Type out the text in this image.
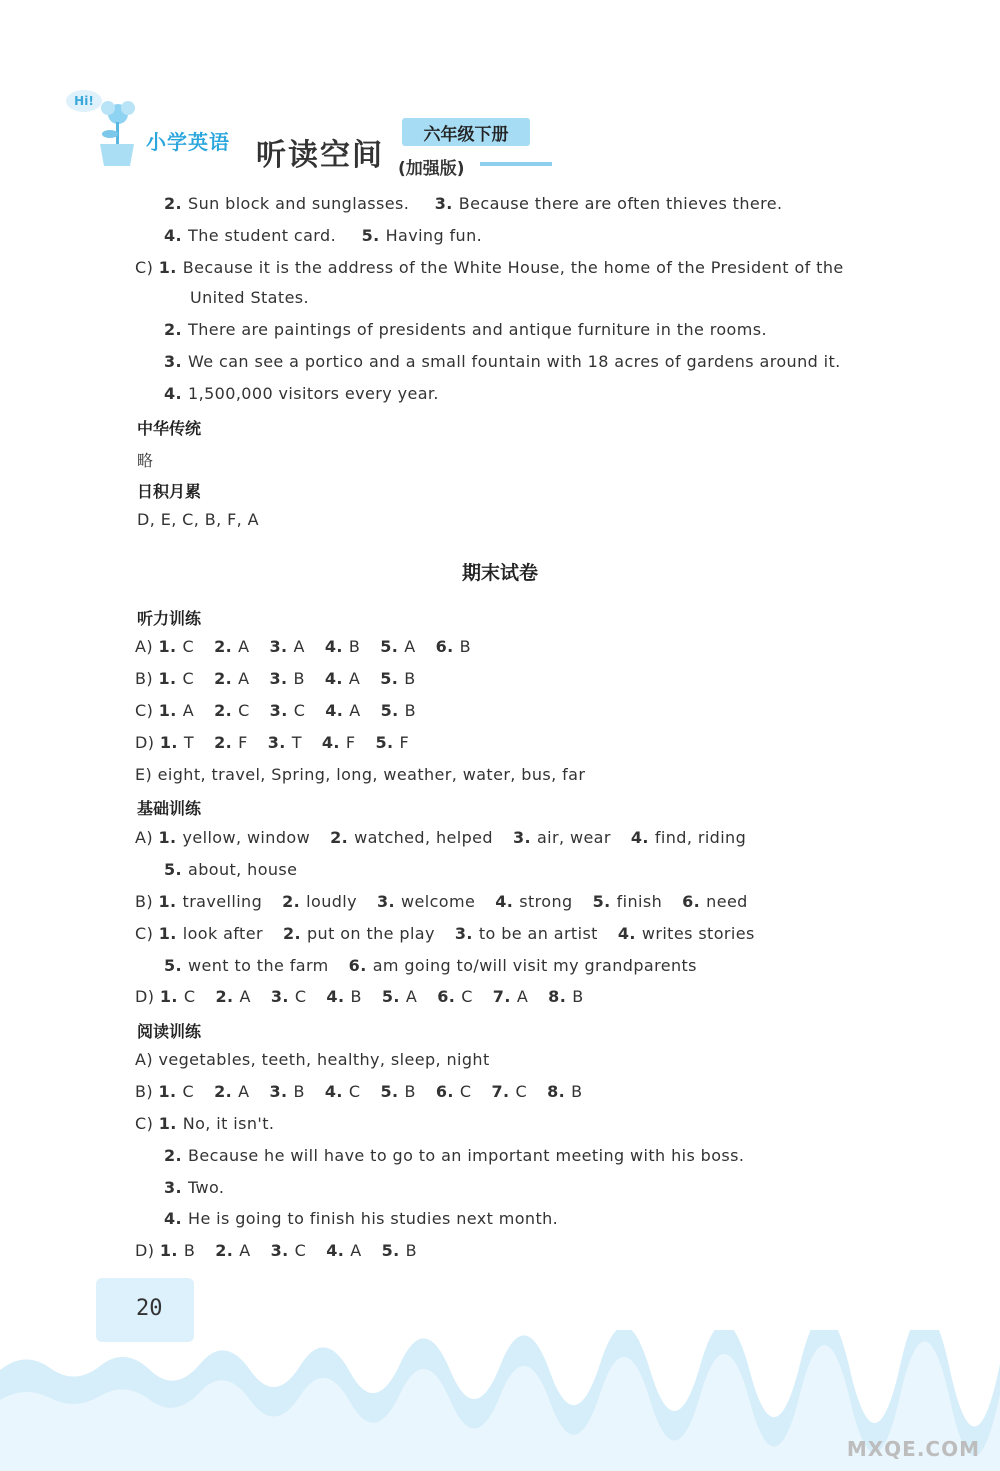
Hi!
小学英语 听读空间
六年级下册
(加强版)
2. Sun block and sunglasses. 3. Because there are often thieves there.
4. The student card. 5. Having fun.
C) 1. Because it is the address of the White House, the home of the President of the
United States.
2. There are paintings of presidents and antique furniture in the rooms.
3. We can see a portico and a small fountain with 18 acres of gardens around it.
4. 1,500,000 visitors every year.
中华传统
略
日积月累
D, E, C, B, F, A
期末试卷
听力训练
A) 1. C 2. A 3. A 4. B 5. A 6. B
B) 1. C 2. A 3. B 4. A 5. B
C) 1. A 2. C 3. C 4. A 5. B
D) 1. T 2. F 3. T 4. F 5. F
E) eight, travel, Spring, long, weather, water, bus, far
基础训练
A) 1. yellow, window 2. watched, helped 3. air, wear 4. find, riding
5. about, house
B) 1. travelling 2. loudly 3. welcome 4. strong 5. finish 6. need
C) 1. look after 2. put on the play 3. to be an artist 4. writes stories
5. went to the farm 6. am going to/will visit my grandparents
D) 1. C 2. A 3. C 4. B 5. A 6. C 7. A 8. B
阅读训练
A) vegetables, teeth, healthy, sleep, night
B) 1. C 2. A 3. B 4. C 5. B 6. C 7. C 8. B
C) 1. No, it isn't.
2. Because he will have to go to an important meeting with his boss.
3. Two.
4. He is going to finish his studies next month.
D) 1. B 2. A 3. C 4. A 5. B
20
MXQE.COM
